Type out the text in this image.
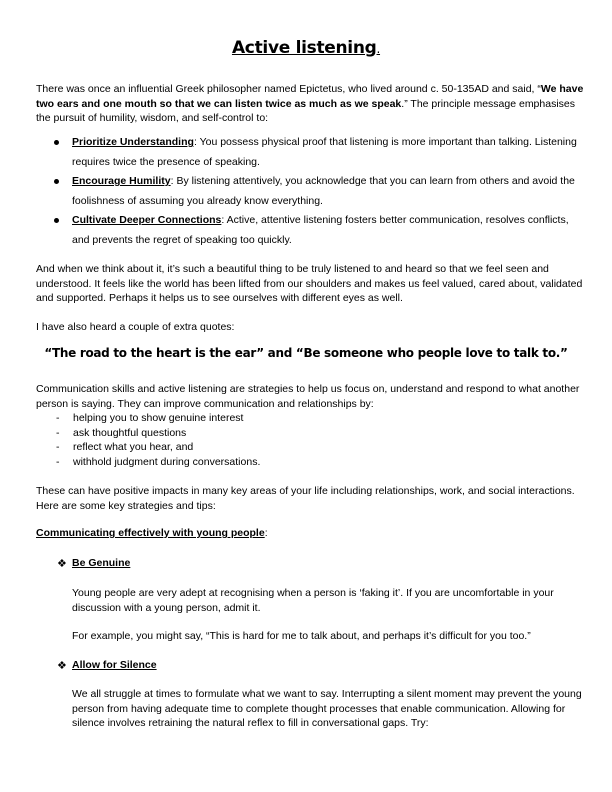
Active listening.
There was once an influential Greek philosopher named Epictetus, who lived around c. 50-135AD and said, “We have two ears and one mouth so that we can listen twice as much as we speak.” The principle message emphasises the pursuit of humility, wisdom, and self-control to:
Prioritize Understanding: You possess physical proof that listening is more important than talking. Listening requires twice the presence of speaking.
Encourage Humility: By listening attentively, you acknowledge that you can learn from others and avoid the foolishness of assuming you already know everything.
Cultivate Deeper Connections: Active, attentive listening fosters better communication, resolves conflicts, and prevents the regret of speaking too quickly.
And when we think about it, it’s such a beautiful thing to be truly listened to and heard so that we feel seen and understood. It feels like the world has been lifted from our shoulders and makes us feel valued, cared about, validated and supported. Perhaps it helps us to see ourselves with different eyes as well.
I have also heard a couple of extra quotes:
“The road to the heart is the ear” and “Be someone who people love to talk to.”
Communication skills and active listening are strategies to help us focus on, understand and respond to what another person is saying. They can improve communication and relationships by:
- helping you to show genuine interest
- ask thoughtful questions
- reflect what you hear, and
- withhold judgment during conversations.
These can have positive impacts in many key areas of your life including relationships, work, and social interactions. Here are some key strategies and tips:
Communicating effectively with young people:
❖ Be Genuine
Young people are very adept at recognising when a person is ‘faking it’. If you are uncomfortable in your discussion with a young person, admit it.
For example, you might say, “This is hard for me to talk about, and perhaps it’s difficult for you too.”
❖ Allow for Silence
We all struggle at times to formulate what we want to say. Interrupting a silent moment may prevent the young person from having adequate time to complete thought processes that enable communication. Allowing for silence involves retraining the natural reflex to fill in conversational gaps. Try:
